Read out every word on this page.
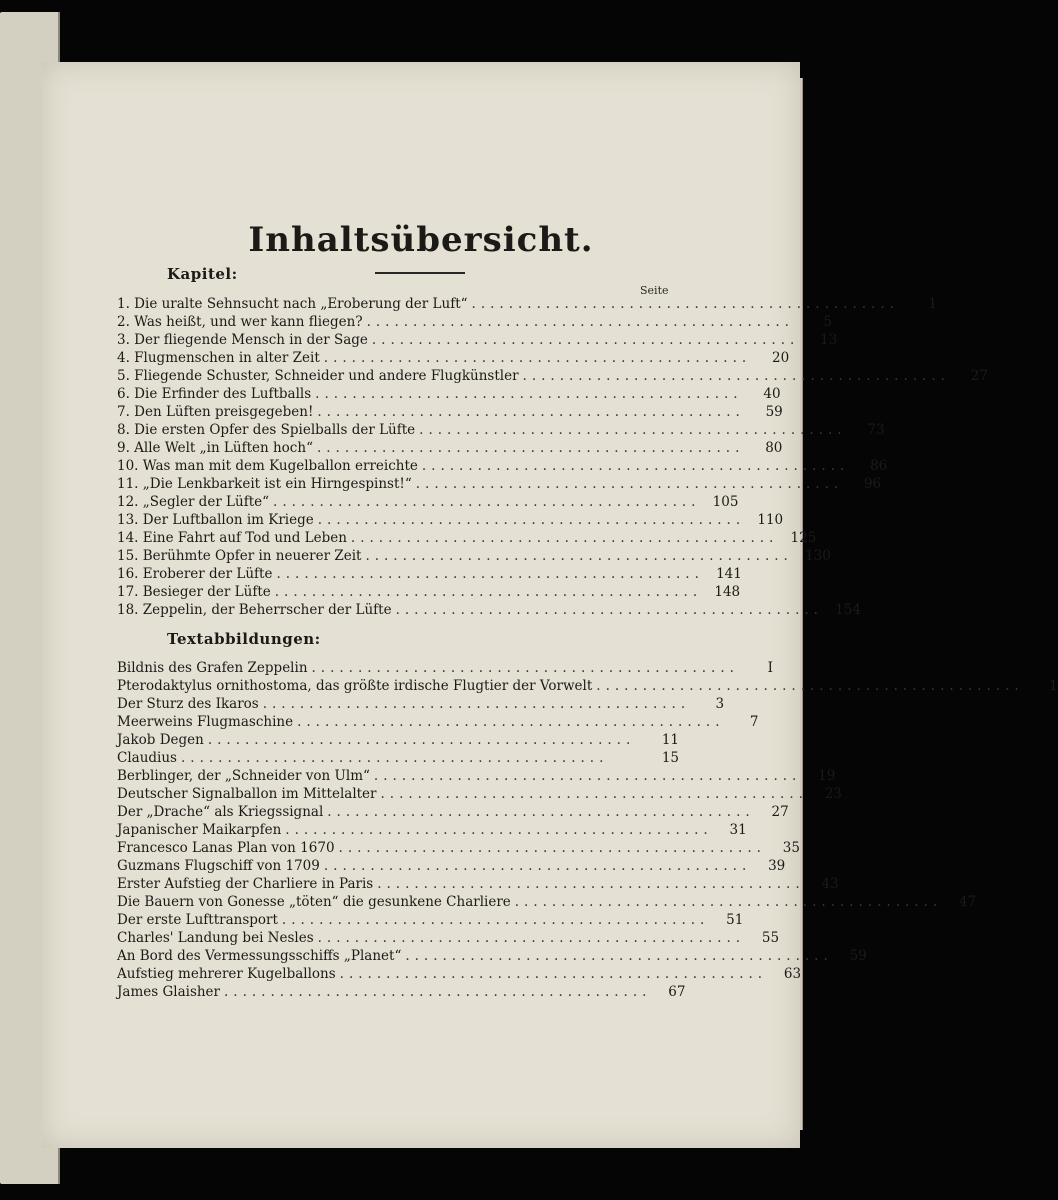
Inhaltsübersicht.
Kapitel:
Seite
1. Die uralte Sehnsucht nach „Eroberung der Luft“ ..............................................	1
2. Was heißt, und wer kann fliegen? ..............................................	5
3. Der fliegende Mensch in der Sage ..............................................	13
4. Flugmenschen in alter Zeit ..............................................	20
5. Fliegende Schuster, Schneider und andere Flugkünstler ..............................................	27
6. Die Erfinder des Luftballs ..............................................	40
7. Den Lüften preisgegeben! ..............................................	59
8. Die ersten Opfer des Spielballs der Lüfte ..............................................	73
9. Alle Welt „in Lüften hoch“ ..............................................	80
10. Was man mit dem Kugelballon erreichte ..............................................	86
11. „Die Lenkbarkeit ist ein Hirngespinst!“ ..............................................	96
12. „Segler der Lüfte“ .............................................. 105
13. Der Luftballon im Kriege .............................................. 110
14. Eine Fahrt auf Tod und Leben .............................................. 125
15. Berühmte Opfer in neuerer Zeit .............................................. 130
16. Eroberer der Lüfte .............................................. 141
17. Besieger der Lüfte .............................................. 148
18. Zeppelin, der Beherrscher der Lüfte .............................................. 154
Textabbildungen:
Bildnis des Grafen Zeppelin ..............................................	I
Pterodaktylus ornithostoma, das größte irdische Flugtier der Vorwelt ..............................................	1
Der Sturz des Ikaros ..............................................	3
Meerweins Flugmaschine ..............................................	7
Jakob Degen ..............................................	11
Claudius ..............................................	15
Berblinger, der „Schneider von Ulm“ ..............................................	19
Deutscher Signalballon im Mittelalter ..............................................	23
Der „Drache“ als Kriegssignal ..............................................	27
Japanischer Maikarpfen ..............................................	31
Francesco Lanas Plan von 1670 ..............................................	35
Guzmans Flugschiff von 1709 ..............................................	39
Erster Aufstieg der Charliere in Paris ..............................................	43
Die Bauern von Gonesse „töten“ die gesunkene Charliere ..............................................	47
Der erste Lufttransport ..............................................	51
Charles' Landung bei Nesles ..............................................	55
An Bord des Vermessungsschiffs „Planet“ ..............................................	59
Aufstieg mehrerer Kugelballons ..............................................	63
James Glaisher ..............................................	67
